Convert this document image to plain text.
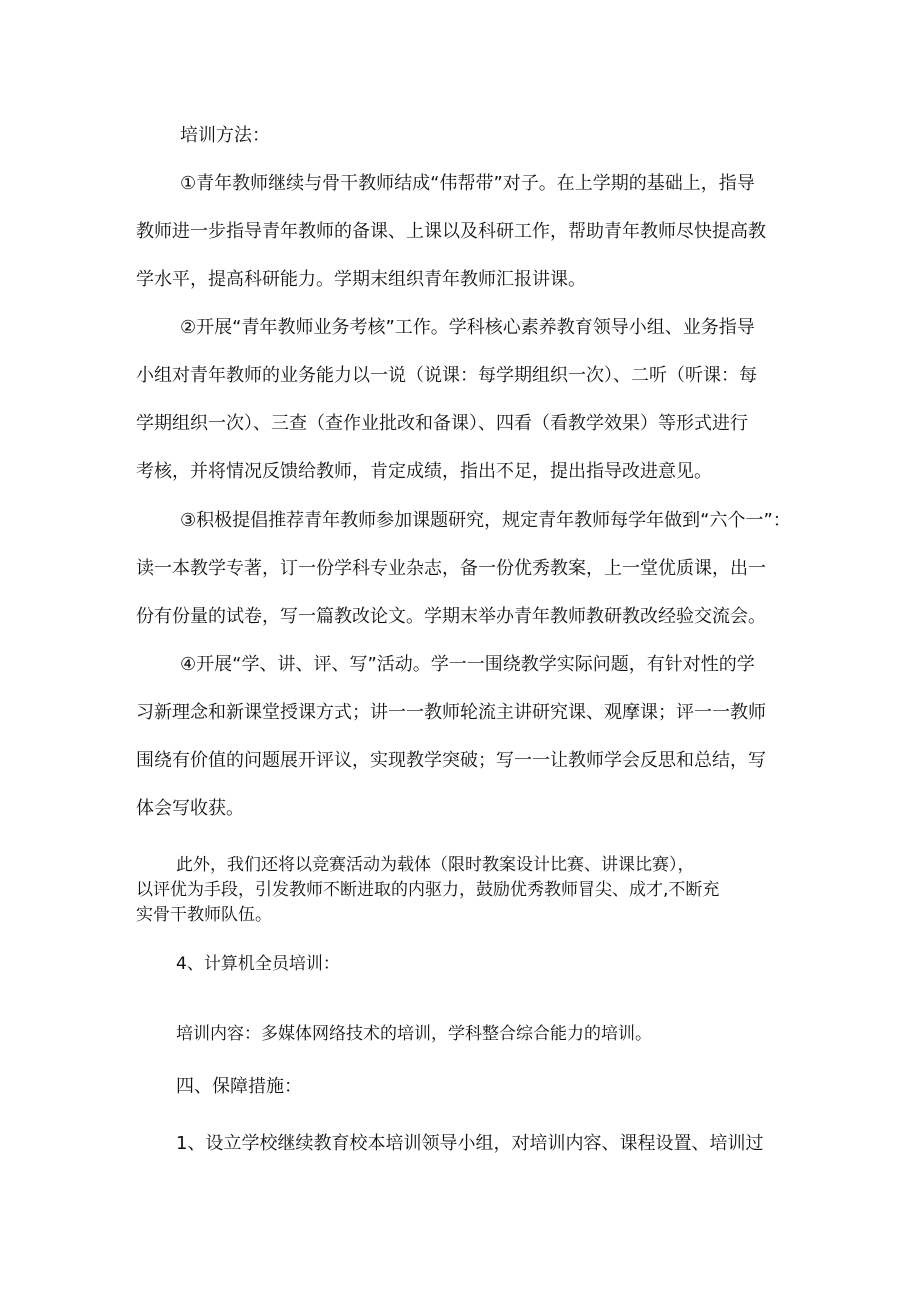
培训方法：
①青年教师继续与骨干教师结成“伟帮带”对子。在上学期的基础上，指导
教师进一步指导青年教师的备课、上课以及科研工作，帮助青年教师尽快提高教
学水平，提高科研能力。学期末组织青年教师汇报讲课。
②开展“青年教师业务考核”工作。学科核心素养教育领导小组、业务指导
小组对青年教师的业务能力以一说（说课：每学期组织一次）、二听（听课：每
学期组织一次）、三查（查作业批改和备课）、四看（看教学效果）等形式进行
考核，并将情况反馈给教师，肯定成绩，指出不足，提出指导改进意见。
③积极提倡推荐青年教师参加课题研究，规定青年教师每学年做到“六个一”：
读一本教学专著，订一份学科专业杂志，备一份优秀教案，上一堂优质课，出一
份有份量的试卷，写一篇教改论文。学期末举办青年教师教研教改经验交流会。
④开展“学、讲、评、写”活动。学一一围绕教学实际问题，有针对性的学
习新理念和新课堂授课方式；讲一一教师轮流主讲研究课、观摩课；评一一教师
围绕有价值的问题展开评议，实现教学突破；写一一让教师学会反思和总结，写
体会写收获。
此外，我们还将以竞赛活动为载体（限时教案设计比赛、讲课比赛），
以评优为手段，引发教师不断进取的内驱力，鼓励优秀教师冒尖、成才,不断充
实骨干教师队伍。
4、计算机全员培训：
培训内容：多媒体网络技术的培训，学科整合综合能力的培训。
四、保障措施：
1、设立学校继续教育校本培训领导小组，对培训内容、课程设置、培训过
